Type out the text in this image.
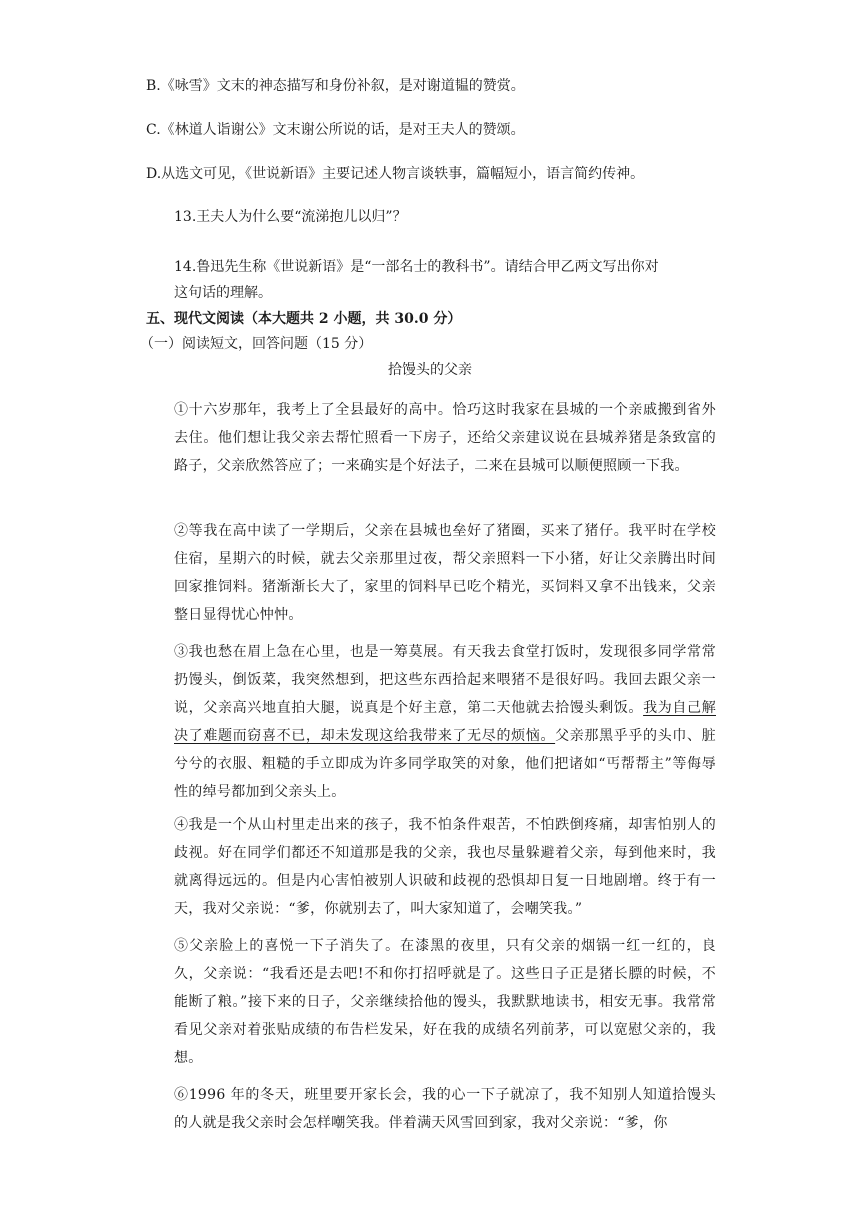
B.《咏雪》文末的神态描写和身份补叙，是对谢道韫的赞赏。
C.《林道人诣谢公》文末谢公所说的话，是对王夫人的赞颂。
D.从选文可见，《世说新语》主要记述人物言谈轶事，篇幅短小，语言简约传神。
13.王夫人为什么要“流涕抱儿以归”？
14.鲁迅先生称《世说新语》是“一部名士的教科书”。请结合甲乙两文写出你对
这句话的理解。
五、现代文阅读（本大题共 2 小题，共 30.0 分）
（一）阅读短文，回答问题（15 分）
拾馒头的父亲
①十六岁那年，我考上了全县最好的高中。恰巧这时我家在县城的一个亲戚搬到省外去住。他们想让我父亲去帮忙照看一下房子，还给父亲建议说在县城养猪是条致富的路子，父亲欣然答应了；一来确实是个好法子，二来在县城可以顺便照顾一下我。
②等我在高中读了一学期后，父亲在县城也垒好了猪圈，买来了猪仔。我平时在学校住宿，星期六的时候，就去父亲那里过夜，帮父亲照料一下小猪，好让父亲腾出时间回家推饲料。猪渐渐长大了，家里的饲料早已吃个精光，买饲料又拿不出钱来，父亲整日显得忧心忡忡。
③我也愁在眉上急在心里，也是一筹莫展。有天我去食堂打饭时，发现很多同学常常扔馒头，倒饭菜，我突然想到，把这些东西拾起来喂猪不是很好吗。我回去跟父亲一说，父亲高兴地直拍大腿，说真是个好主意，第二天他就去拾馒头剩饭。我为自己解决了难题而窃喜不已，却未发现这给我带来了无尽的烦恼。父亲那黑乎乎的头巾、脏兮兮的衣服、粗糙的手立即成为许多同学取笑的对象，他们把诸如“丐帮帮主”等侮辱性的绰号都加到父亲头上。
④我是一个从山村里走出来的孩子，我不怕条件艰苦，不怕跌倒疼痛，却害怕别人的歧视。好在同学们都还不知道那是我的父亲，我也尽量躲避着父亲，每到他来时，我就离得远远的。但是内心害怕被别人识破和歧视的恐惧却日复一日地剧增。终于有一天，我对父亲说：“爹，你就别去了，叫大家知道了，会嘲笑我。”
⑤父亲脸上的喜悦一下子消失了。在漆黑的夜里，只有父亲的烟锅一红一红的，良久，父亲说：“我看还是去吧!不和你打招呼就是了。这些日子正是猪长膘的时候，不能断了粮。”接下来的日子，父亲继续拾他的馒头，我默默地读书，相安无事。我常常看见父亲对着张贴成绩的布告栏发呆，好在我的成绩名列前茅，可以宽慰父亲的，我想。
⑥1996 年的冬天，班里要开家长会，我的心一下子就凉了，我不知别人知道拾馒头的人就是我父亲时会怎样嘲笑我。伴着满天风雪回到家，我对父亲说：“爹，你
